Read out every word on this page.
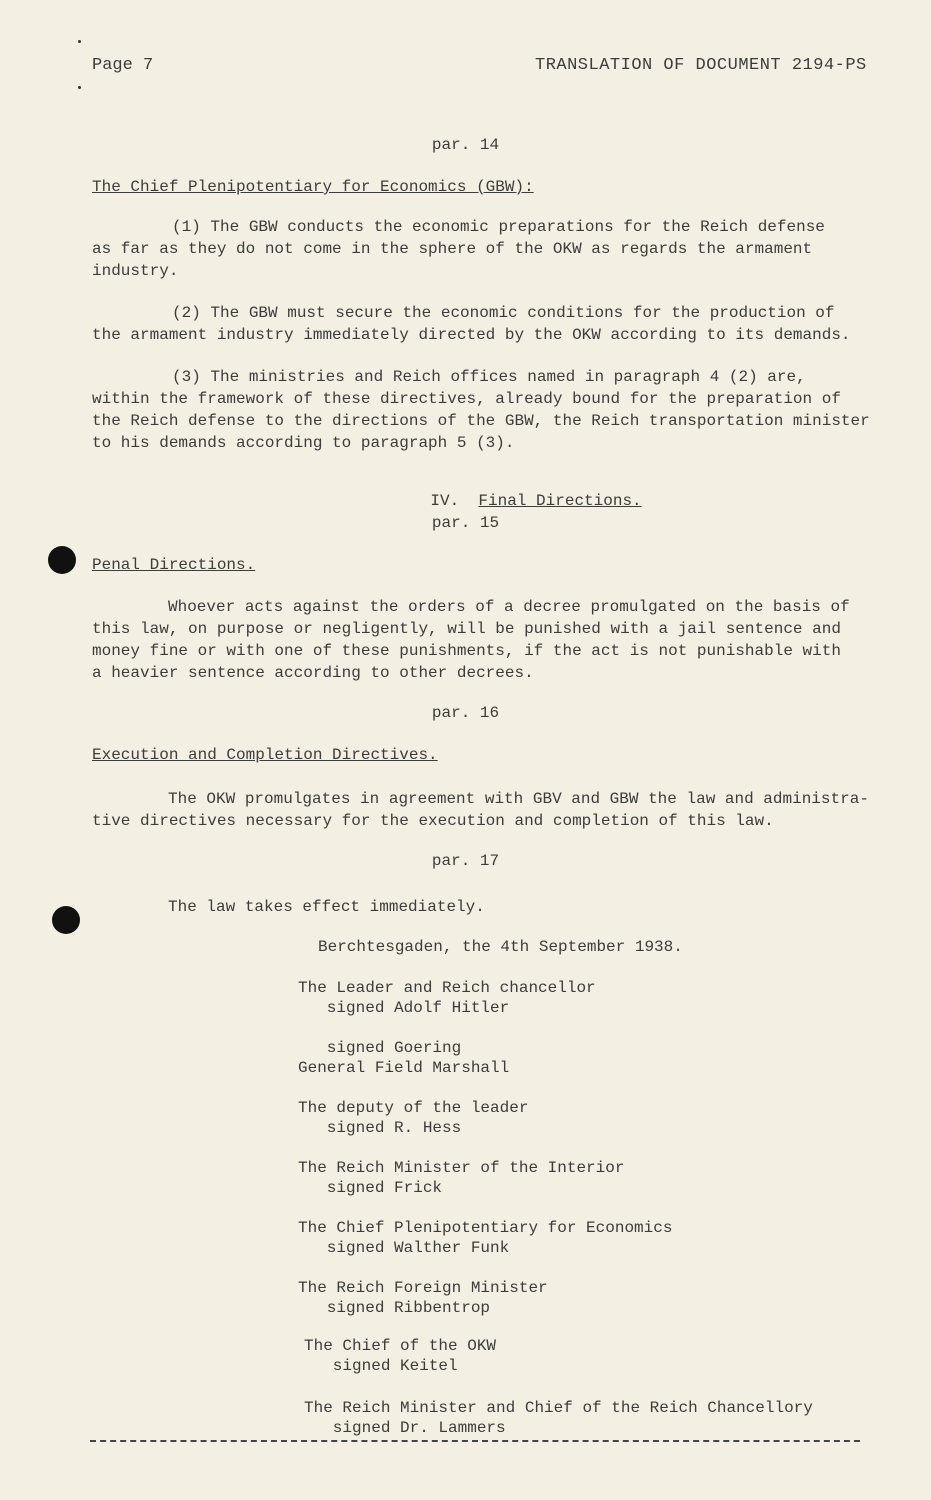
Page 7	TRANSLATION OF DOCUMENT 2194-PS
par. 14
The Chief Plenipotentiary for Economics (GBW):

(1) The GBW conducts the economic preparations for the Reich defense
as far as they do not come in the sphere of the OKW as regards the armament
industry.

(2) The GBW must secure the economic conditions for the production of
the armament industry immediately directed by the OKW according to its demands.

(3) The ministries and Reich offices named in paragraph 4 (2) are,
within the framework of these directives, already bound for the preparation of
the Reich defense to the directions of the GBW, the Reich transportation minister
to his demands according to paragraph 5 (3).

IV. Final Directions.

par. 15
Penal Directions.

Whoever acts against the orders of a decree promulgated on the basis of
this law, on purpose or negligently, will be punished with a jail sentence and
money fine or with one of these punishments, if the act is not punishable with
a heavier sentence according to other decrees.

par. 16
Execution and Completion Directives.

The OKW promulgates in agreement with GBV and GBW the law and administra-
tive directives necessary for the execution and completion of this law.

par. 17
The law takes effect immediately.
Berchtesgaden, the 4th September 1938.
The Leader and Reich chancellor
signed Adolf Hitler
signed Goering
General Field Marshall
The deputy of the leader
signed R. Hess
The Reich Minister of the Interior
signed Frick
The Chief Plenipotentiary for Economics
signed Walther Funk
The Reich Foreign Minister
signed Ribbentrop
The Chief of the OKW
signed Keitel
The Reich Minister and Chief of the Reich Chancellory
signed Dr. Lammers
